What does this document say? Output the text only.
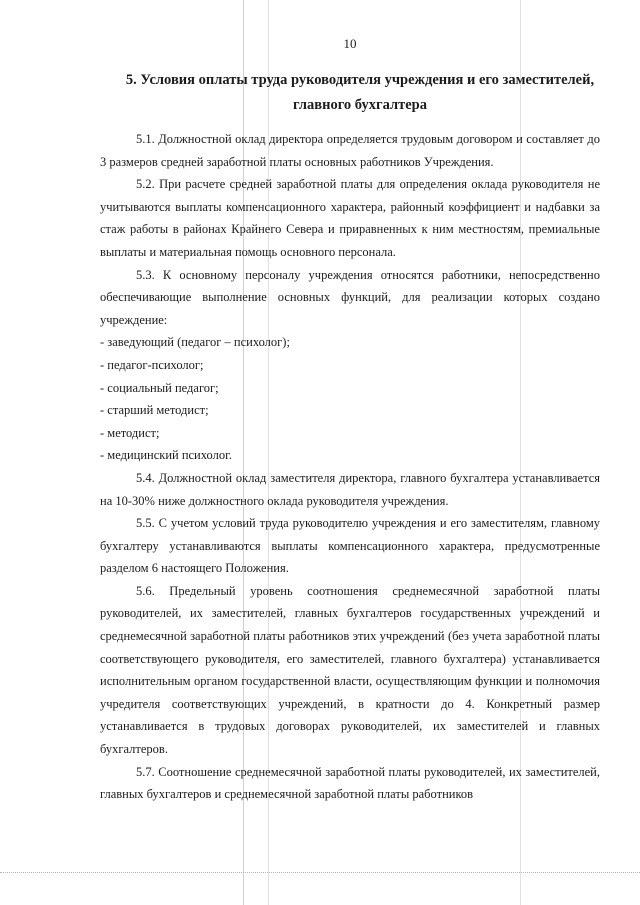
10
5. Условия оплаты труда руководителя учреждения и его заместителей,
главного бухгалтера

5.1. Должностной оклад директора определяется трудовым договором и составляет до 3 размеров средней заработной платы основных работников Учреждения.

5.2. При расчете средней заработной платы для определения оклада руководителя не учитываются выплаты компенсационного характера, районный коэффициент и надбавки за стаж работы в районах Крайнего Севера и приравненных к ним местностям, премиальные выплаты и материальная помощь основного персонала.

5.3. К основному персоналу учреждения относятся работники, непосредственно обеспечивающие выполнение основных функций, для реализации которых создано учреждение:

- заведующий (педагог – психолог);

- педагог-психолог;

- социальный педагог;

- старший методист;

- методист;

- медицинский психолог.

5.4. Должностной оклад заместителя директора, главного бухгалтера устанавливается на 10-30% ниже должностного оклада руководителя учреждения.

5.5. С учетом условий труда руководителю учреждения и его заместителям, главному бухгалтеру устанавливаются выплаты компенсационного характера, предусмотренные разделом 6 настоящего Положения.

5.6. Предельный уровень соотношения среднемесячной заработной платы руководителей, их заместителей, главных бухгалтеров государственных учреждений и среднемесячной заработной платы работников этих учреждений (без учета заработной платы соответствующего руководителя, его заместителей, главного бухгалтера) устанавливается исполнительным органом государственной власти, осуществляющим функции и полномочия учредителя соответствующих учреждений, в кратности до 4. Конкретный размер устанавливается в трудовых договорах руководителей, их заместителей и главных бухгалтеров.

5.7. Соотношение среднемесячной заработной платы руководителей, их заместителей, главных бухгалтеров и среднемесячной заработной платы работников
